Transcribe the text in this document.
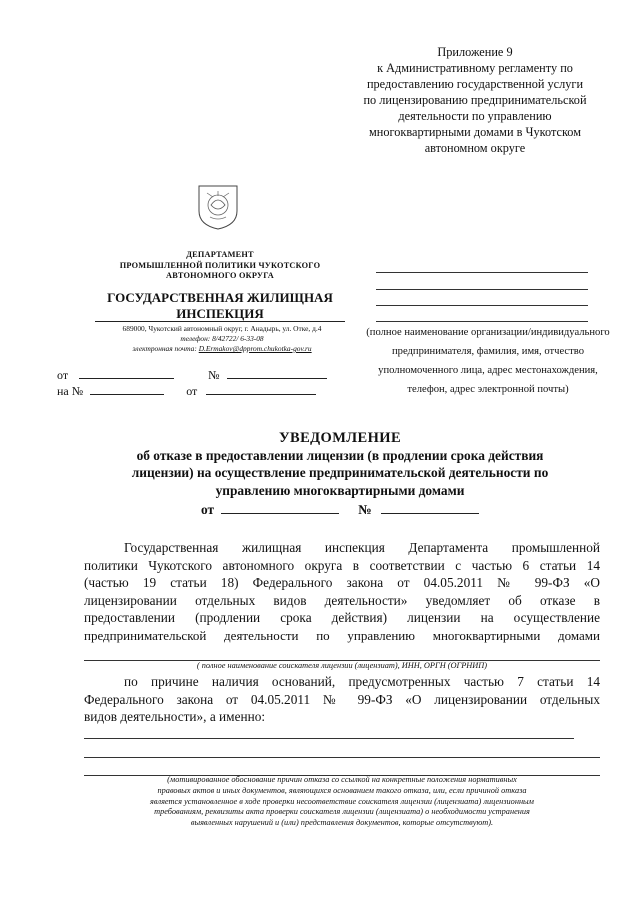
Приложение 9
к Административному регламенту по
предоставлению государственной услуги
по лицензированию предпринимательской
деятельности по управлению
многоквартирными домами в Чукотском
автономном округе
ДЕПАРТАМЕНТ
ПРОМЫШЛЕННОЙ ПОЛИТИКИ ЧУКОТСКОГО
АВТОНОМНОГО ОКРУГА
ГОСУДАРСТВЕННАЯ ЖИЛИЩНАЯ
ИНСПЕКЦИЯ
689000, Чукотский автономный округ, г. Анадырь, ул. Отке, д.4
телефон: 8/42722/ 6-33-08
электронная почта: D.Ermakov@dpprom.chukotka-gov.ru
от	№
на №	от
(полное наименование организации/индивидуального
предпринимателя, фамилия, имя, отчество
уполномоченного лица, адрес местонахождения,
телефон, адрес электронной почты)
УВЕДОМЛЕНИЕ
об отказе в предоставлении лицензии (в продлении срока действия
лицензии) на осуществление предпринимательской деятельности по
управлению многоквартирными домами
от	№
Государственная жилищная инспекция Департамента промышленной
политики Чукотского автономного округа в соответствии с частью 6 статьи 14
(частью 19 статьи 18) Федерального закона от 04.05.2011 № 99-ФЗ «О
лицензировании отдельных видов деятельности» уведомляет об отказе в
предоставлении (продлении срока действия) лицензии на осуществление
предпринимательской деятельности по управлению многоквартирными домами
( полное наименование соискателя лицензии (лицензиат), ИНН, ОРГН (ОГРНИП)
по причине наличия оснований, предусмотренных частью 7 статьи 14
Федерального закона от 04.05.2011 № 99-ФЗ «О лицензировании отдельных
видов деятельности», а именно:
(мотивированное обоснование причин отказа со ссылкой на конкретные положения нормативных
правовых актов и иных документов, являющихся основанием такого отказа, или, если причиной отказа
является установленное в ходе проверки несоответствие соискателя лицензии (лицензиата) лицензионным
требованиям, реквизиты акта проверки соискателя лицензии (лицензиата) о необходимости устранения
выявленных нарушений и (или) представления документов, которые отсутствуют).
